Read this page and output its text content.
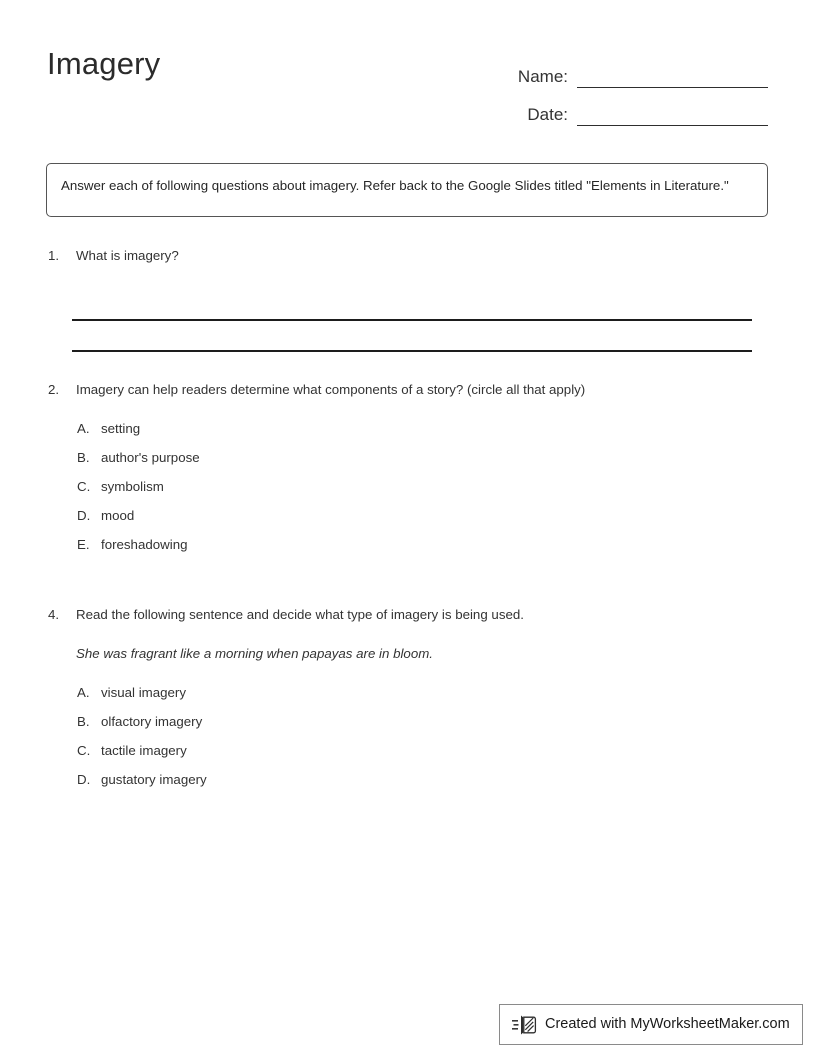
Imagery	Name:
Date:
Answer each of following questions about imagery. Refer back to the Google Slides titled "Elements in Literature."
1. What is imagery?
2. Imagery can help readers determine what components of a story? (circle all that apply)
A. setting
B. author's purpose
C. symbolism
D. mood
E. foreshadowing
4. Read the following sentence and decide what type of imagery is being used.
She was fragrant like a morning when papayas are in bloom.
A. visual imagery
B. olfactory imagery
C. tactile imagery
D. gustatory imagery
Created with MyWorksheetMaker.com
